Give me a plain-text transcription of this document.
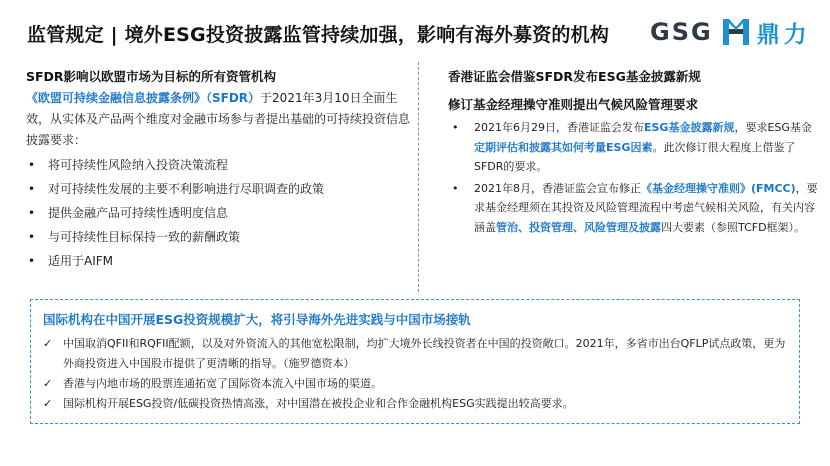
监管规定 | 境外ESG投资披露监管持续加强，影响有海外募资的机构 GSG 鼎力
SFDR影响以欧盟市场为目标的所有资管机构

《欧盟可持续金融信息披露条例》（SFDR）于2021年3月10日全面生效，从实体及产品两个维度对金融市场参与者提出基础的可持续投资信息披露要求：

• 将可持续性风险纳入投资决策流程
• 对可持续性发展的主要不利影响进行尽职调查的政策
• 提供金融产品可持续性透明度信息
• 与可持续性目标保持一致的薪酬政策
• 适用于AIFM
香港证监会借鉴SFDR发布ESG基金披露新规
修订基金经理操守准则提出气候风险管理要求
• 2021年6月29日，香港证监会发布ESG基金披露新规，要求ESG基金定期评估和披露其如何考量ESG因素。此次修订很大程度上借鉴了SFDR的要求。
• 2021年8月，香港证监会宣布修正《基金经理操守准则》(FMCC)，要求基金经理须在其投资及风险管理流程中考虑气候相关风险，有关内容涵盖管治、投资管理、风险管理及披露四大要素（参照TCFD框架）。
国际机构在中国开展ESG投资规模扩大，将引导海外先进实践与中国市场接轨
✓ 中国取消QFII和RQFII配额，以及对外资流入的其他宽松限制，均扩大境外长线投资者在中国的投资敞口。2021年，多省市出台QFLP试点政策，更为外商投资进入中国股市提供了更清晰的指导。（施罗德资本）
✓ 香港与内地市场的股票连通拓宽了国际资本流入中国市场的渠道。
✓ 国际机构开展ESG投资/低碳投资热情高涨，对中国潜在被投企业和合作金融机构ESG实践提出较高要求。
